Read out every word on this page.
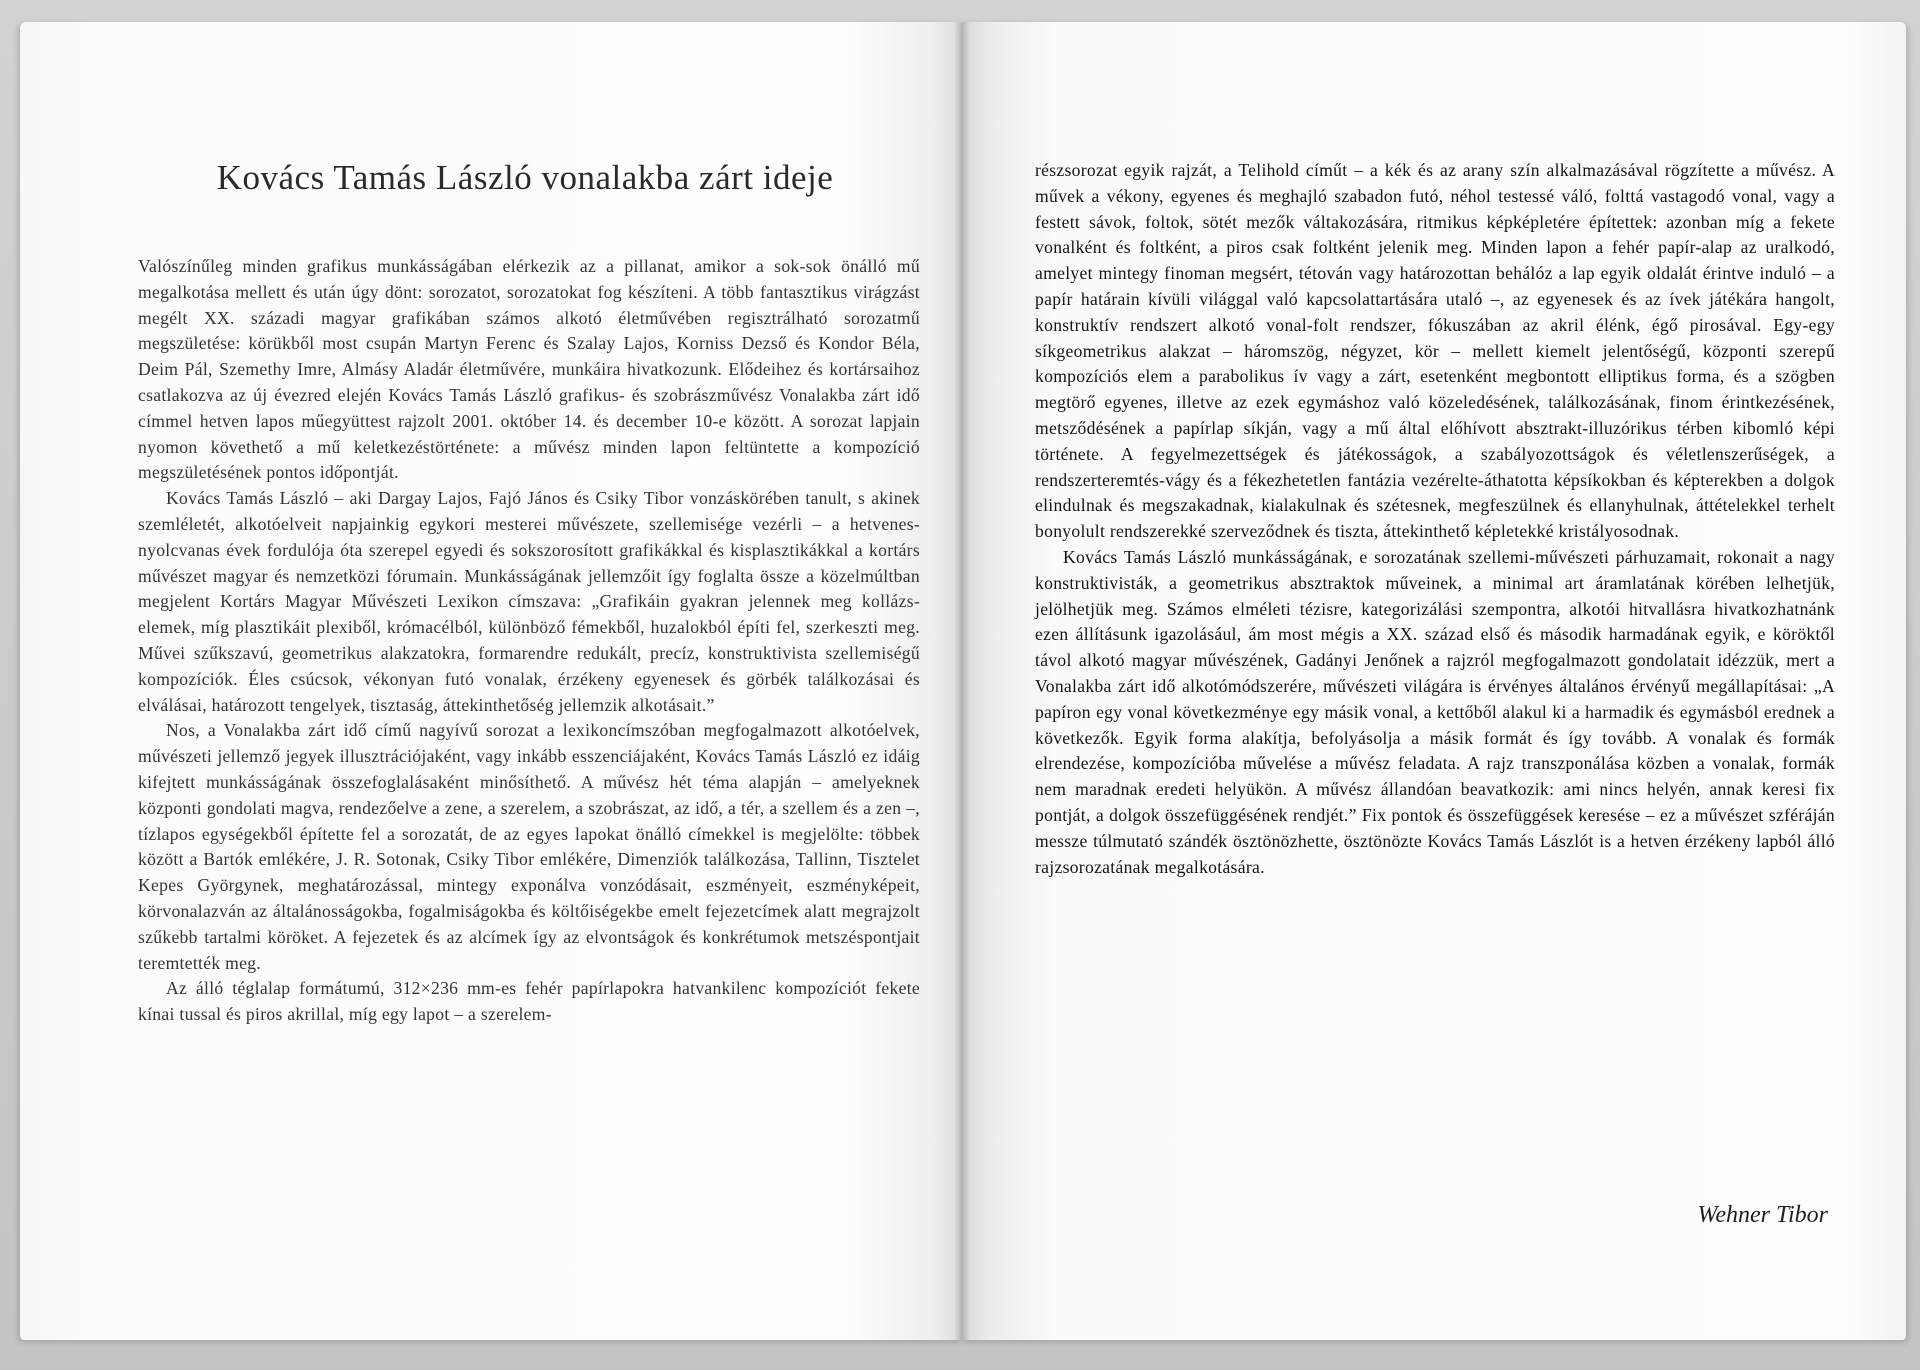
Kovács Tamás László vonalakba zárt ideje

Valószínűleg minden grafikus munkásságában elérkezik az a pillanat, amikor a sok-sok önálló mű megalkotása mellett és után úgy dönt: sorozatot, sorozatokat fog készíteni. A több fantasztikus virágzást megélt XX. századi magyar grafikában számos alkotó életművében regisztrálható sorozatmű megszületése: körükből most csupán Martyn Ferenc és Szalay Lajos, Korniss Dezső és Kondor Béla, Deim Pál, Szemethy Imre, Almásy Aladár életművére, munkáira hivatkozunk. Elődeihez és kortársaihoz csatlakozva az új évezred elején Kovács Tamás László grafikus- és szobrászművész Vonalakba zárt idő címmel hetven lapos műegyüttest rajzolt 2001. október 14. és december 10-e között. A sorozat lapjain nyomon követhető a mű keletkezéstörténete: a művész minden lapon feltüntette a kompozíció megszületésének pontos időpontját.

Kovács Tamás László – aki Dargay Lajos, Fajó János és Csiky Tibor vonzáskörében tanult, s akinek szemléletét, alkotóelveit napjainkig egykori mesterei művészete, szellemisége vezérli – a hetvenes-nyolcvanas évek fordulója óta szerepel egyedi és sokszorosított grafikákkal és kisplasztikákkal a kortárs művészet magyar és nemzetközi fórumain. Munkásságának jellemzőit így foglalta össze a közelmúltban megjelent Kortárs Magyar Művészeti Lexikon címszava: „Grafikáin gyakran jelennek meg kollázs-elemek, míg plasztikáit plexiből, krómacélból, különböző fémekből, huzalokból építi fel, szerkeszti meg. Művei szűkszavú, geometrikus alakzatokra, formarendre redukált, precíz, konstruktivista szellemiségű kompozíciók. Éles csúcsok, vékonyan futó vonalak, érzékeny egyenesek és görbék találkozásai és elválásai, határozott tengelyek, tisztaság, áttekinthetőség jellemzik alkotásait.”

Nos, a Vonalakba zárt idő című nagyívű sorozat a lexikoncímszóban megfogalmazott alkotóelvek, művészeti jellemző jegyek illusztrációjaként, vagy inkább esszenciájaként, Kovács Tamás László ez idáig kifejtett munkásságának összefoglalásaként minősíthető. A művész hét téma alapján – amelyeknek központi gondolati magva, rendezőelve a zene, a szerelem, a szobrászat, az idő, a tér, a szellem és a zen –, tízlapos egységekből építette fel a sorozatát, de az egyes lapokat önálló címekkel is megjelölte: többek között a Bartók emlékére, J. R. Sotonak, Csiky Tibor emlékére, Dimenziók találkozása, Tallinn, Tisztelet Kepes Györgynek, meghatározással, mintegy exponálva vonzódásait, eszményeit, eszményképeit, körvonalazván az általánosságokba, fogalmiságokba és költőiségekbe emelt fejezetcímek alatt megrajzolt szűkebb tartalmi köröket. A fejezetek és az alcímek így az elvontságok és konkrétumok metszéspontjait teremtették meg.

Az álló téglalap formátumú, 312×236 mm-es fehér papírlapokra hatvankilenc kompozíciót fekete kínai tussal és piros akrillal, míg egy lapot – a szerelem-

részsorozat egyik rajzát, a Telihold címűt – a kék és az arany szín alkalmazásával rögzítette a művész. A művek a vékony, egyenes és meghajló szabadon futó, néhol testessé váló, folttá vastagodó vonal, vagy a festett sávok, foltok, sötét mezők váltakozására, ritmikus képképletére építettek: azonban míg a fekete vonalként és foltként, a piros csak foltként jelenik meg. Minden lapon a fehér papír-alap az uralkodó, amelyet mintegy finoman megsért, tétován vagy határozottan behálóz a lap egyik oldalát érintve induló – a papír határain kívüli világgal való kapcsolattartására utaló –, az egyenesek és az ívek játékára hangolt, konstruktív rendszert alkotó vonal-folt rendszer, fókuszában az akril élénk, égő pirosával. Egy-egy síkgeometrikus alakzat – háromszög, négyzet, kör – mellett kiemelt jelentőségű, központi szerepű kompozíciós elem a parabolikus ív vagy a zárt, esetenként megbontott elliptikus forma, és a szögben megtörő egyenes, illetve az ezek egymáshoz való közeledésének, találkozásának, finom érintkezésének, metsződésének a papírlap síkján, vagy a mű által előhívott absztrakt-illuzórikus térben kibomló képi története. A fegyelmezettségek és játékosságok, a szabályozottságok és véletlenszerűségek, a rendszerteremtés-vágy és a fékezhetetlen fantázia vezérelte-áthatotta képsíkokban és képterekben a dolgok elindulnak és megszakadnak, kialakulnak és szétesnek, megfeszülnek és ellanyhulnak, áttételekkel terhelt bonyolult rendszerekké szerveződnek és tiszta, áttekinthető képletekké kristályosodnak.

Kovács Tamás László munkásságának, e sorozatának szellemi-művészeti párhuzamait, rokonait a nagy konstruktivisták, a geometrikus absztraktok műveinek, a minimal art áramlatának körében lelhetjük, jelölhetjük meg. Számos elméleti tézisre, kategorizálási szempontra, alkotói hitvallásra hivatkozhatnánk ezen állításunk igazolásául, ám most mégis a XX. század első és második harmadának egyik, e köröktől távol alkotó magyar művészének, Gadányi Jenőnek a rajzról megfogalmazott gondolatait idézzük, mert a Vonalakba zárt idő alkotómódszerére, művészeti világára is érvényes általános érvényű megállapításai: „A papíron egy vonal következménye egy másik vonal, a kettőből alakul ki a harmadik és egymásból erednek a következők. Egyik forma alakítja, befolyásolja a másik formát és így tovább. A vonalak és formák elrendezése, kompozícióba művelése a művész feladata. A rajz transzponálása közben a vonalak, formák nem maradnak eredeti helyükön. A művész állandóan beavatkozik: ami nincs helyén, annak keresi fix pontját, a dolgok összefüggésének rendjét.” Fix pontok és összefüggések keresése – ez a művészet szféráján messze túlmutató szándék ösztönözhette, ösztönözte Kovács Tamás Lászlót is a hetven érzékeny lapból álló rajzsorozatának megalkotására.

Wehner Tibor
